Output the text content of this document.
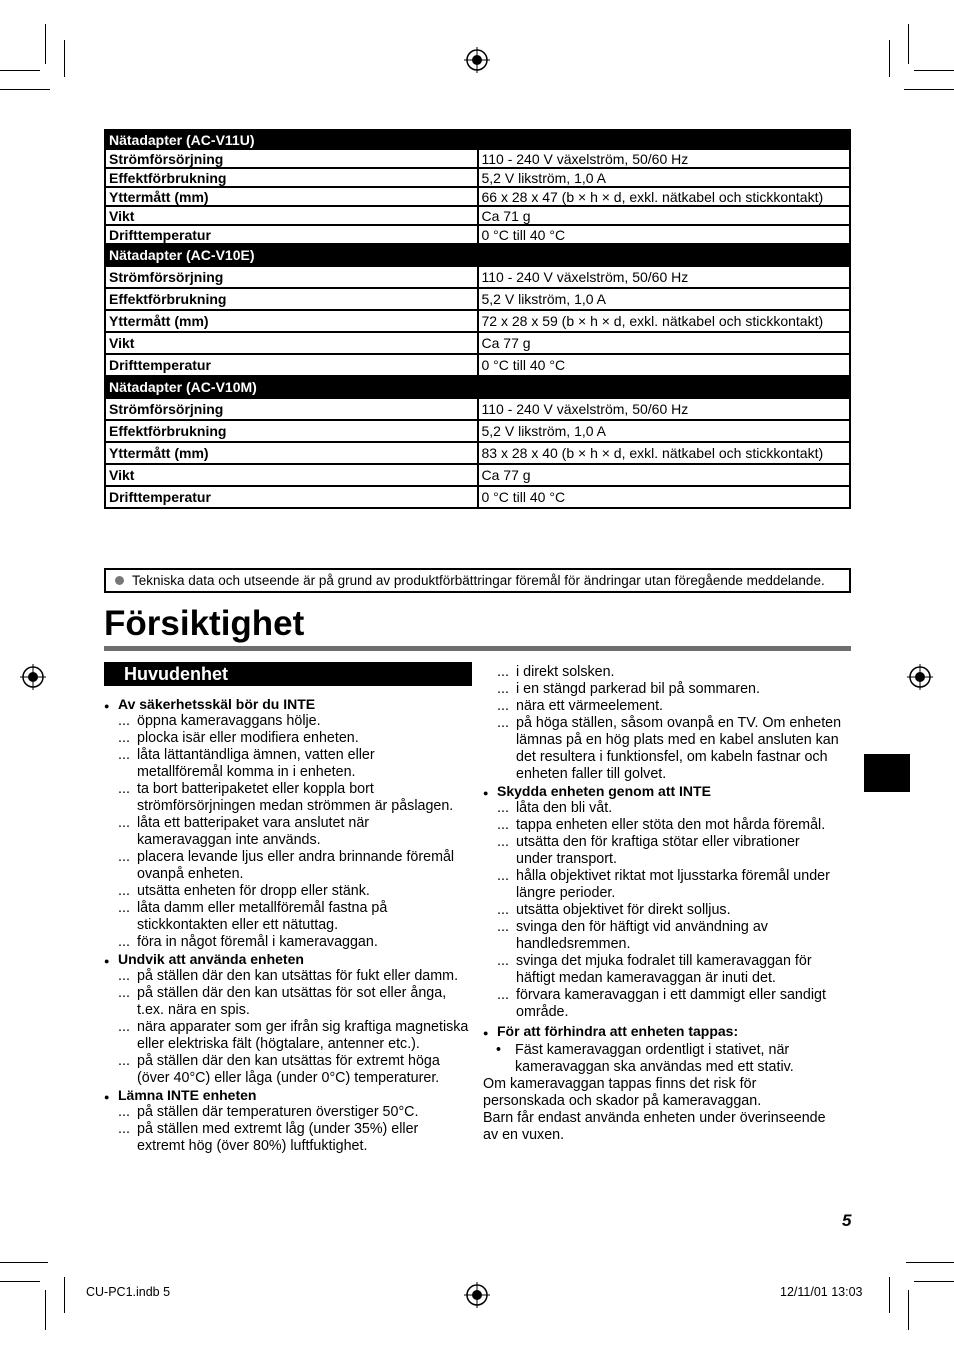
Nätadapter (AC-V11U)	
Strömförsörjning	110 - 240 V växelström, 50/60 Hz
Effektförbrukning	5,2 V likström, 1,0 A
Yttermått (mm)	66 x 28 x 47 (b × h × d, exkl. nätkabel och stickkontakt)
Vikt	Ca 71 g
Drifttemperatur	0 °C till 40 °C
Nätadapter (AC-V10E)	
Strömförsörjning	110 - 240 V växelström, 50/60 Hz
Effektförbrukning	5,2 V likström, 1,0 A
Yttermått (mm)	72 x 28 x 59 (b × h × d, exkl. nätkabel och stickkontakt)
Vikt	Ca 77 g
Drifttemperatur	0 °C till 40 °C
Nätadapter (AC-V10M)	
Strömförsörjning	110 - 240 V växelström, 50/60 Hz
Effektförbrukning	5,2 V likström, 1,0 A
Yttermått (mm)	83 x 28 x 40 (b × h × d, exkl. nätkabel och stickkontakt)
Vikt	Ca 77 g
Drifttemperatur	0 °C till 40 °C
Tekniska data och utseende är på grund av produktförbättringar föremål för ändringar utan föregående meddelande.
Försiktighet
Huvudenhet
● Av säkerhetsskäl bör du INTE
... öppna kameravaggans hölje.
... plocka isär eller modifiera enheten.
... låta lättantändliga ämnen, vatten eller
metallföremål komma in i enheten.
... ta bort batteripaketet eller koppla bort
strömförsörjningen medan strömmen är påslagen.
... låta ett batteripaket vara anslutet när
kameravaggan inte används.
... placera levande ljus eller andra brinnande föremål
ovanpå enheten.
... utsätta enheten för dropp eller stänk.
... låta damm eller metallföremål fastna på
stickkontakten eller ett nätuttag.
... föra in något föremål i kameravaggan.
● Undvik att använda enheten
... på ställen där den kan utsättas för fukt eller damm.
... på ställen där den kan utsättas för sot eller ånga,
t.ex. nära en spis.
... nära apparater som ger ifrån sig kraftiga magnetiska
eller elektriska fält (högtalare, antenner etc.).
... på ställen där den kan utsättas för extremt höga
(över 40°C) eller låga (under 0°C) temperaturer.
● Lämna INTE enheten
... på ställen där temperaturen överstiger 50°C.
... på ställen med extremt låg (under 35%) eller
extremt hög (över 80%) luftfuktighet.
... i direkt solsken.
... i en stängd parkerad bil på sommaren.
... nära ett värmeelement.
... på höga ställen, såsom ovanpå en TV. Om enheten
lämnas på en hög plats med en kabel ansluten kan
det resultera i funktionsfel, om kabeln fastnar och
enheten faller till golvet.
● Skydda enheten genom att INTE
... låta den bli våt.
... tappa enheten eller stöta den mot hårda föremål.
... utsätta den för kraftiga stötar eller vibrationer
under transport.
... hålla objektivet riktat mot ljusstarka föremål under
längre perioder.
... utsätta objektivet för direkt solljus.
... svinga den för häftigt vid användning av
handledsremmen.
... svinga det mjuka fodralet till kameravaggan för
häftigt medan kameravaggan är inuti det.
... förvara kameravaggan i ett dammigt eller sandigt
område.
● För att förhindra att enheten tappas:
• Fäst kameravaggan ordentligt i stativet, när
kameravaggan ska användas med ett stativ.
Om kameravaggan tappas finns det risk för
personskada och skador på kameravaggan.
Barn får endast använda enheten under överinseende
av en vuxen.
5
CU-PC1.indb 5	12/11/01 13:03
